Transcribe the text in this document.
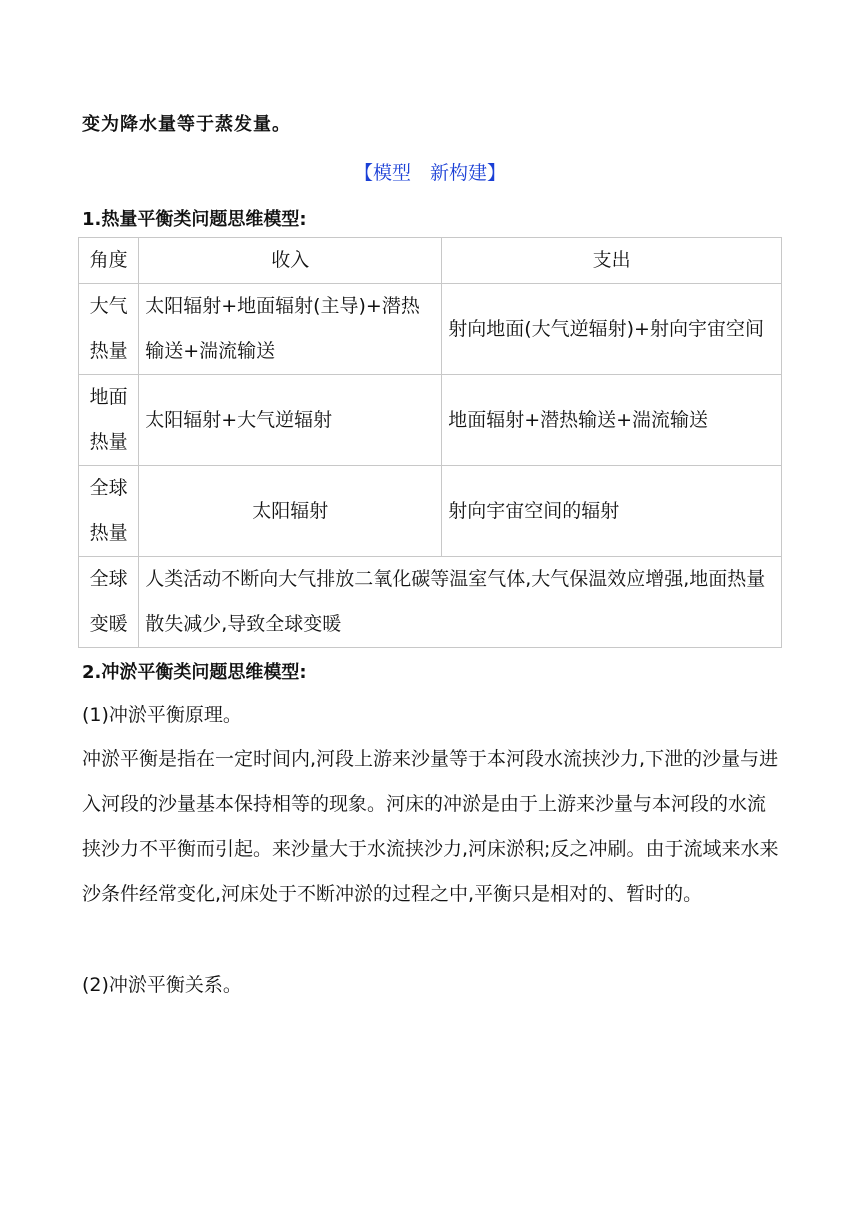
变为降水量等于蒸发量。
【模型　新构建】
1.热量平衡类问题思维模型:
角度	收入	支出

大气
热量	太阳辐射+地面辐射(主导)+潜热输送+湍流输送	射向地面(大气逆辐射)+射向宇宙空间

地面
热量	太阳辐射+大气逆辐射	地面辐射+潜热输送+湍流输送

全球
热量	太阳辐射	射向宇宙空间的辐射

全球
变暖	人类活动不断向大气排放二氧化碳等温室气体,大气保温效应增强,地面热量散失减少,导致全球变暖	
2.冲淤平衡类问题思维模型:
(1)冲淤平衡原理。
冲淤平衡是指在一定时间内,河段上游来沙量等于本河段水流挟沙力,下泄的沙量与进入河段的沙量基本保持相等的现象。河床的冲淤是由于上游来沙量与本河段的水流挟沙力不平衡而引起。来沙量大于水流挟沙力,河床淤积;反之冲刷。由于流域来水来沙条件经常变化,河床处于不断冲淤的过程之中,平衡只是相对的、暂时的。
(2)冲淤平衡关系。
